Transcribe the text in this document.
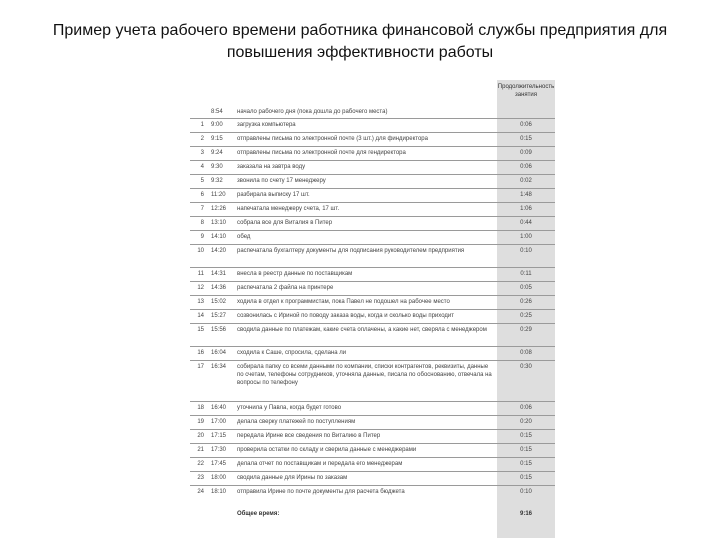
Пример учета рабочего времени работника финансовой службы предприятия для
повышения эффективности работы
			Продолжительность занятия
	8:54	начало рабочего дня (пока дошла до рабочего места)	
1	9:00	загрузка компьютера	0:06
2	9:15	отправлены письма по электронной почте (3 шт.) для финдиректора	0:15
3	9:24	отправлены письма по электронной почте для гендиректора	0:09
4	9:30	заказала на завтра воду	0:06
5	9:32	звонила по счету 17 менеджеру	0:02
6	11:20	разбирала выписку 17 шт.	1:48
7	12:26	напечатала менеджеру счета, 17 шт.	1:06
8	13:10	собрала все для Виталия в Питер	0:44
9	14:10	обед	1:00
10	14:20	распечатала бухгалтеру документы для подписания руководителем предприятия	0:10
11	14:31	внесла в реестр данные по поставщикам	0:11
12	14:36	распечатала 2 файла на принтере	0:05
13	15:02	ходила в отдел к программистам, пока Павел не подошел на рабочее место	0:26
14	15:27	созвонилась с Ириной по поводу заказа воды, когда и сколько воды приходит	0:25
15	15:56	сводила данные по платежам, какие счета оплачены, а какие нет, сверяла с менеджером	0:29
16	16:04	сходила к Саше, спросила, сделана ли	0:08
17	16:34	собирала папку со всеми данными по компании, списки контрагентов, реквизиты, данные по счетам, телефоны сотрудников, уточняла данные, писала по обоснованию, отвечала на вопросы по телефону	0:30
18	16:40	уточнила у Павла, когда будет готово	0:06
19	17:00	делала сверку платежей по поступлениям	0:20
20	17:15	передала Ирине все сведения по Виталию в Питер	0:15
21	17:30	проверила остатки по складу и сверила данные с менеджерами	0:15
22	17:45	делала отчет по поставщикам и передала его менеджерам	0:15
23	18:00	сводила данные для Ирины по заказам	0:15
24	18:10	отправила Ирине по почте документы для расчета бюджета	0:10

		Общее время:	9:16
